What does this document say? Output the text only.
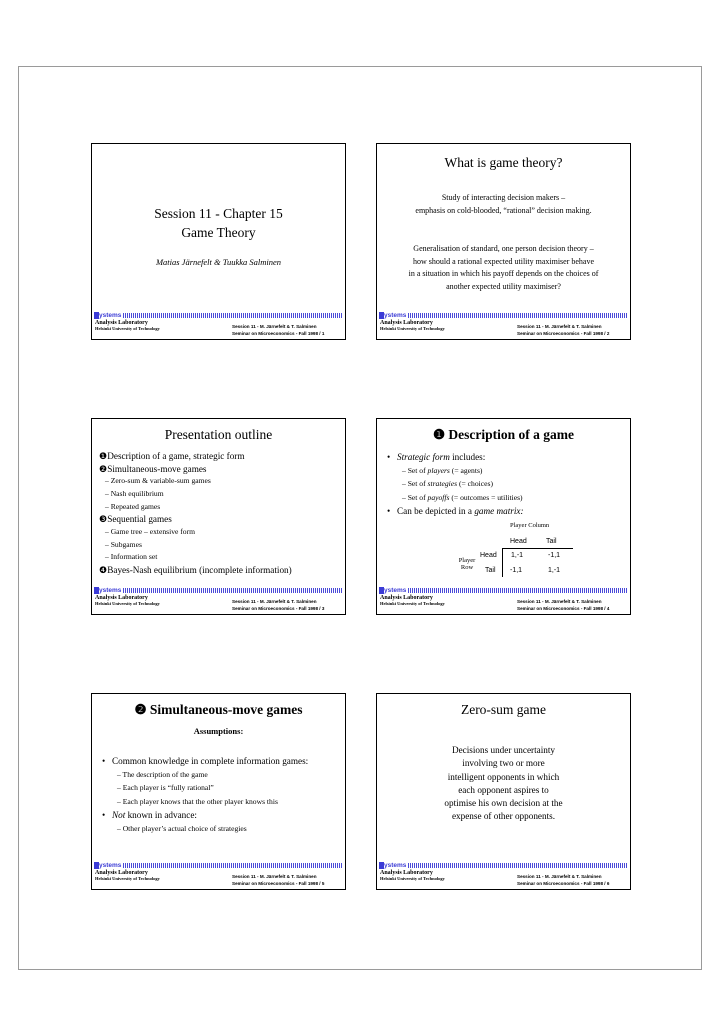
Session 11 - Chapter 15
Game Theory
Matias Järnefelt & Tuukka Salminen
ystems
Analysis Laboratory
Helsinki University of Technology	Session 11 - M. Järnefelt & T. Salminen
Seminar on Microeconomics - Fall 1998 / 1
What is game theory?
Study of interacting decision makers –
emphasis on cold-blooded, “rational” decision making.
Generalisation of standard, one person decision theory –
how should a rational expected utility maximiser behave
in a situation in which his payoff depends on the choices of
another expected utility maximiser?
ystems
Analysis Laboratory
Helsinki University of Technology	Session 11 - M. Järnefelt & T. Salminen
Seminar on Microeconomics - Fall 1998 / 2
Presentation outline
❶Description of a game, strategic form
❷Simultaneous-move games
– Zero-sum & variable-sum games
– Nash equilibrium
– Repeated games
❸Sequential games
– Game tree – extensive form
– Subgames
– Information set
❹Bayes-Nash equilibrium (incomplete information)
ystems
Analysis Laboratory
Helsinki University of Technology	Session 11 - M. Järnefelt & T. Salminen
Seminar on Microeconomics - Fall 1998 / 3
❶ Description of a game
• Strategic form includes:
– Set of players (= agents)
– Set of strategies (= choices)
– Set of payoffs (= outcomes = utilities)
• Can be depicted in a game matrix:
Player Column
Player
Row
Head	Tail
Head 1,-1	-1,1
Tail -1,1	1,-1
ystems
Analysis Laboratory
Helsinki University of Technology	Session 11 - M. Järnefelt & T. Salminen
Seminar on Microeconomics - Fall 1998 / 4
❷ Simultaneous-move games
Assumptions:
• Common knowledge in complete information games:
– The description of the game
– Each player is “fully rational”
– Each player knows that the other player knows this
• Not known in advance:
– Other player’s actual choice of strategies
ystems
Analysis Laboratory
Helsinki University of Technology	Session 11 - M. Järnefelt & T. Salminen
Seminar on Microeconomics - Fall 1998 / 5
Zero-sum game
Decisions under uncertainty
involving two or more
intelligent opponents in which
each opponent aspires to
optimise his own decision at the
expense of other opponents.
ystems
Analysis Laboratory
Helsinki University of Technology	Session 11 - M. Järnefelt & T. Salminen
Seminar on Microeconomics - Fall 1998 / 6
